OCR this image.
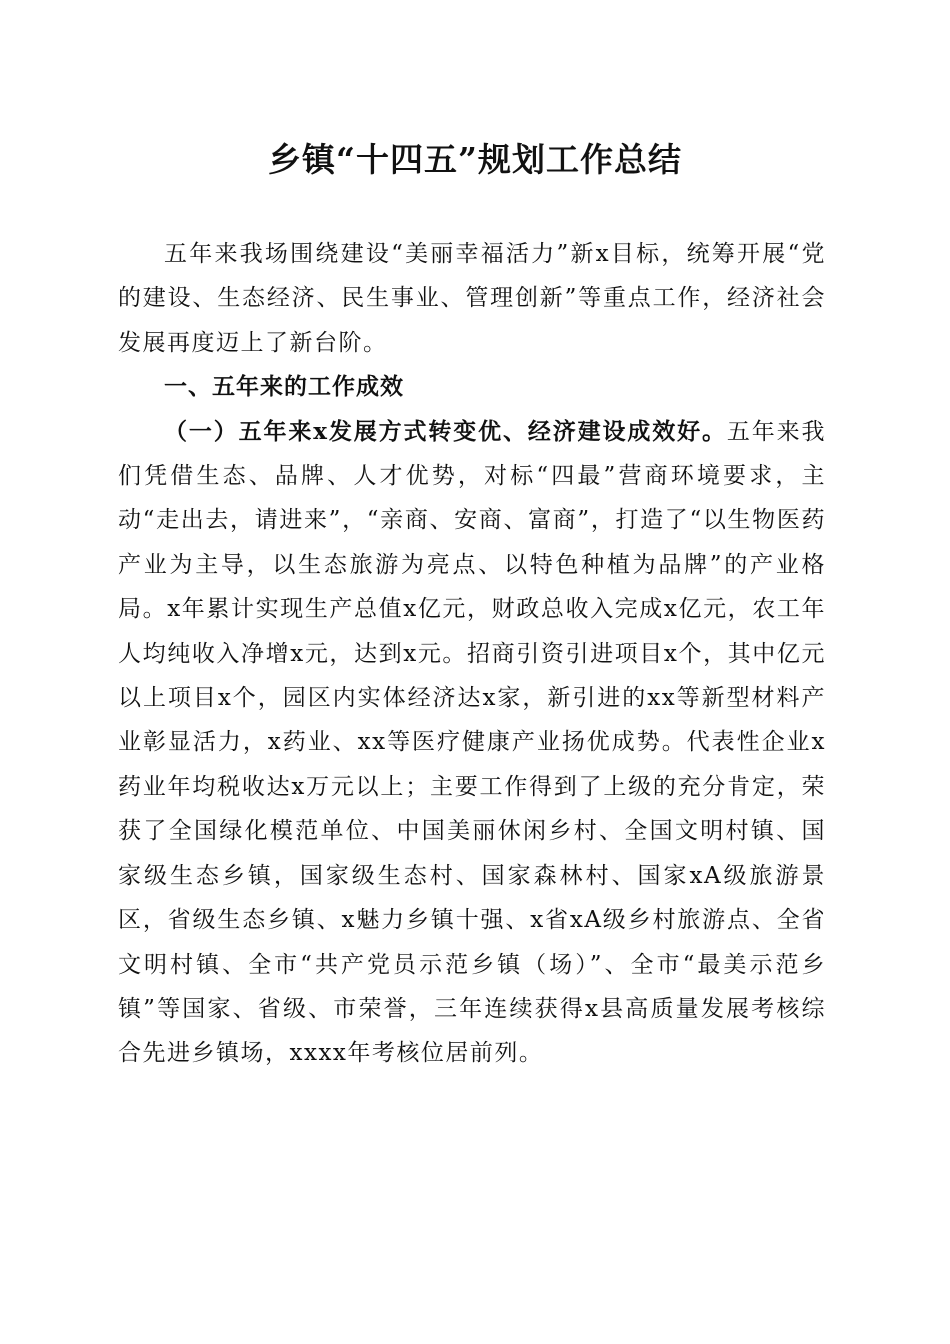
乡镇“十四五”规划工作总结

五年来我场围绕建设“美丽幸福活力”新x目标，统筹开展“党的建设、生态经济、民生事业、管理创新”等重点工作，经济社会发展再度迈上了新台阶。

一、五年来的工作成效

（一）五年来x发展方式转变优、经济建设成效好。五年来我们凭借生态、品牌、人才优势，对标“四最”营商环境要求，主动“走出去，请进来”，“亲商、安商、富商”，打造了“以生物医药产业为主导，以生态旅游为亮点、以特色种植为品牌”的产业格局。x年累计实现生产总值x亿元，财政总收入完成x亿元，农工年人均纯收入净增x元，达到x元。招商引资引进项目x个，其中亿元以上项目x个，园区内实体经济达x家，新引进的xx等新型材料产业彰显活力，x药业、xx等医疗健康产业扬优成势。代表性企业x药业年均税收达x万元以上；主要工作得到了上级的充分肯定，荣获了全国绿化模范单位、中国美丽休闲乡村、全国文明村镇、国家级生态乡镇，国家级生态村、国家森林村、国家xA级旅游景区，省级生态乡镇、x魅力乡镇十强、x省xA级乡村旅游点、全省文明村镇、全市“共产党员示范乡镇（场）”、全市“最美示范乡镇”等国家、省级、市荣誉，三年连续获得x县高质量发展考核综合先进乡镇场，xxxx年考核位居前列。
